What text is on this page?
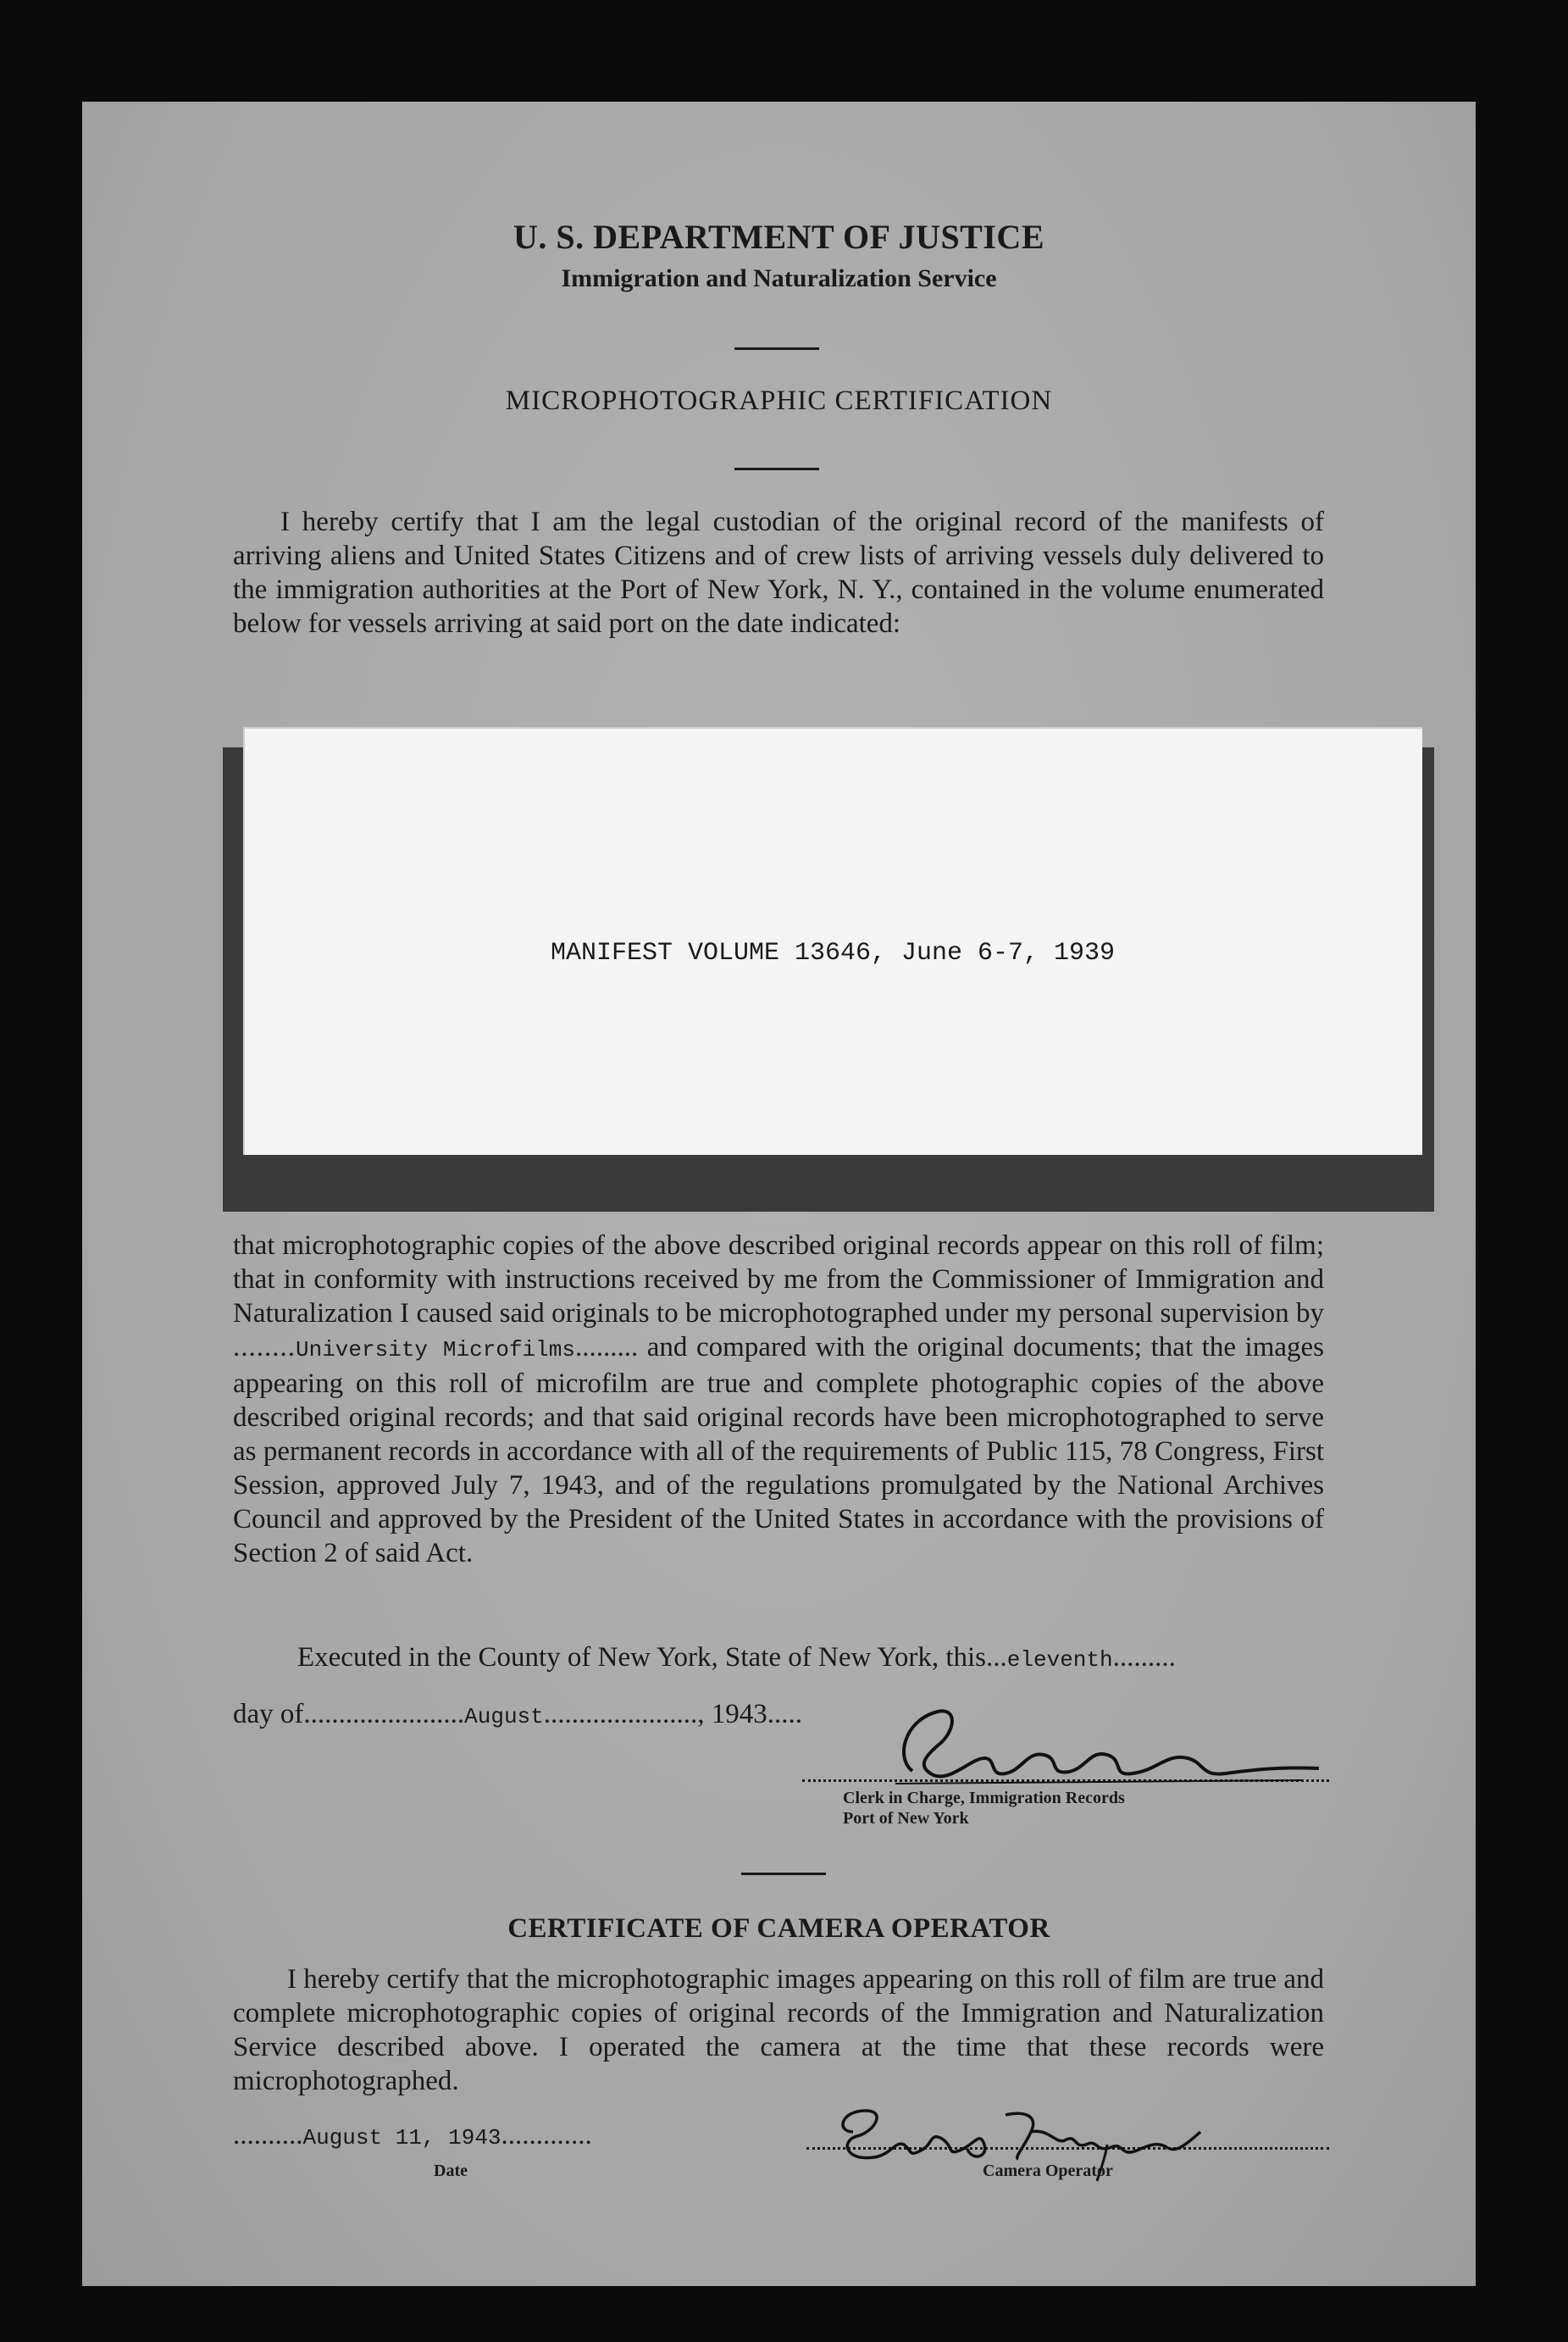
U. S. DEPARTMENT OF JUSTICE
Immigration and Naturalization Service
MICROPHOTOGRAPHIC CERTIFICATION
I hereby certify that I am the legal custodian of the original record of the manifests of arriving aliens and United States Citizens and of crew lists of arriving vessels duly delivered to the immigration authorities at the Port of New York, N. Y., contained in the volume enumerated below for vessels arriving at said port on the date indicated:
MANIFEST VOLUME 13646, June 6-7, 1939
that microphotographic copies of the above described original records appear on this roll of film; that in conformity with instructions received by me from the Commissioner of Immigration and Naturalization I caused said originals to be microphotographed under my personal supervision by ........University Microfilms......... and compared with the original documents; that the images appearing on this roll of microfilm are true and complete photographic copies of the above described original records; and that said original records have been microphotographed to serve as permanent records in accordance with all of the requirements of Public 115, 78 Congress, First Session, approved July 7, 1943, and of the regulations promulgated by the National Archives Council and approved by the President of the United States in accordance with the provisions of Section 2 of said Act.
Executed in the County of New York, State of New York, this...eleventh.........
day of.......................August......................, 1943.....
Clerk in Charge, Immigration Records
Port of New York
CERTIFICATE OF CAMERA OPERATOR
I hereby certify that the microphotographic images appearing on this roll of film are true and complete microphotographic copies of original records of the Immigration and Naturalization Service described above. I operated the camera at the time that these records were microphotographed.
..........August 11, 1943.............
Date	Camera Operator
